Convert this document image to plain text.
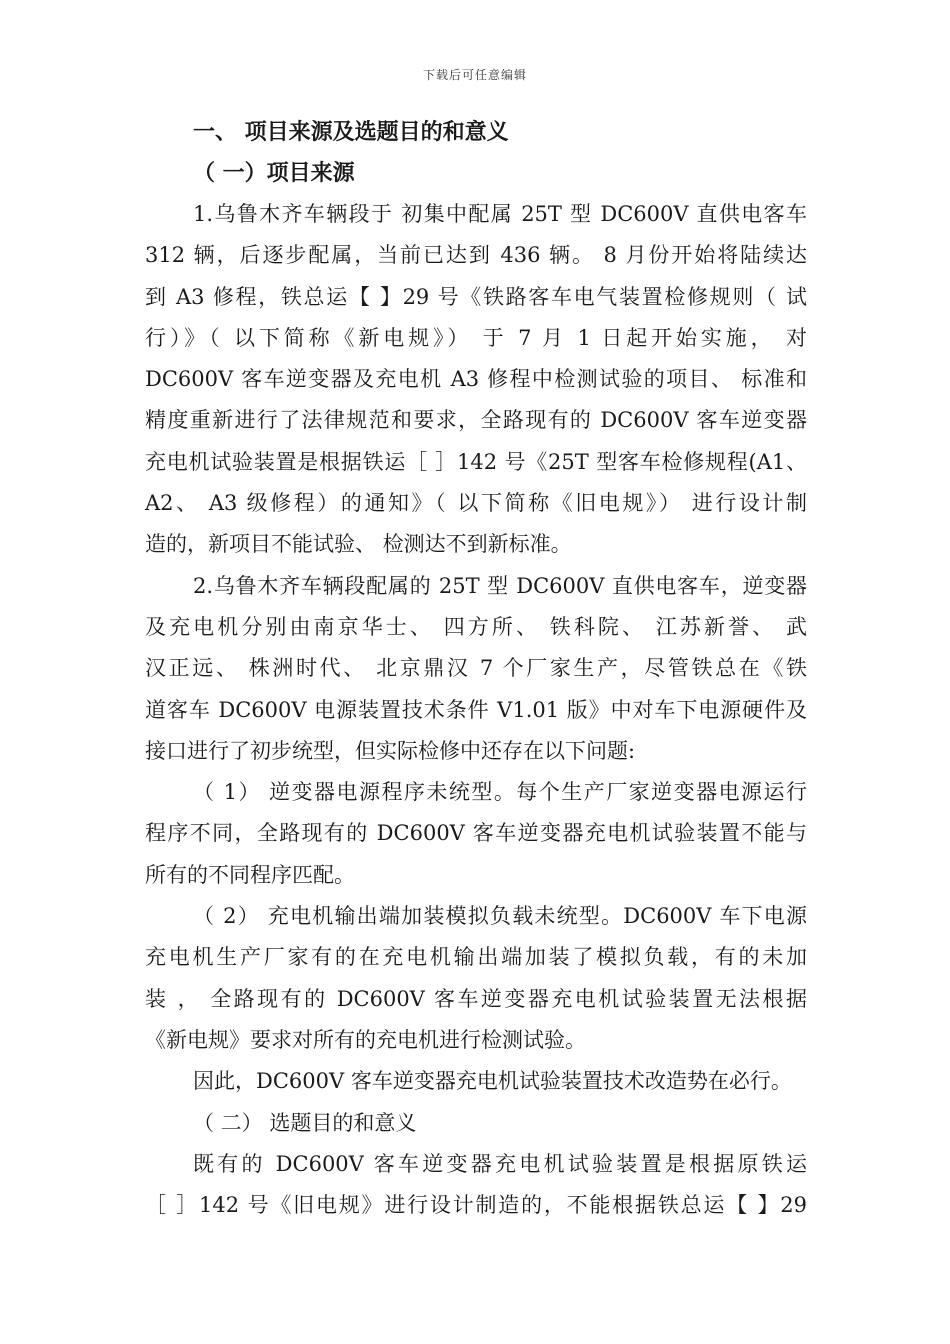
下载后可任意编辑
一、 项目来源及选题目的和意义
（ 一）项目来源
1.乌鲁木齐车辆段于 初集中配属 25T 型 DC600V 直供电客车
312 辆，后逐步配属，当前已达到 436 辆。 8 月份开始将陆续达
到 A3 修程，铁总运【 】29 号《铁路客车电气装置检修规则（ 试
行）》（ 以下简称《新电规》） 于 7 月 1 日起开始实施， 对
DC600V 客车逆变器及充电机 A3 修程中检测试验的项目、 标准和
精度重新进行了法律规范和要求，全路现有的 DC600V 客车逆变器
充电机试验装置是根据铁运［ ］142 号《25T 型客车检修规程(A1、
A2、 A3 级修程）的通知》（ 以下简称《旧电规》） 进行设计制
造的，新项目不能试验、 检测达不到新标准。
2.乌鲁木齐车辆段配属的 25T 型 DC600V 直供电客车，逆变器
及充电机分别由南京华士、 四方所、 铁科院、 江苏新誉、 武
汉正远、 株洲时代、 北京鼎汉 7 个厂家生产，尽管铁总在《铁
道客车 DC600V 电源装置技术条件 V1.01 版》中对车下电源硬件及
接口进行了初步统型，但实际检修中还存在以下问题:
（ 1） 逆变器电源程序未统型。每个生产厂家逆变器电源运行
程序不同，全路现有的 DC600V 客车逆变器充电机试验装置不能与
所有的不同程序匹配。
（ 2） 充电机输出端加装模拟负载未统型。DC600V 车下电源
充电机生产厂家有的在充电机输出端加装了模拟负载，有的未加
装 ， 全路现有的 DC600V 客车逆变器充电机试验装置无法根据
《新电规》要求对所有的充电机进行检测试验。
因此，DC600V 客车逆变器充电机试验装置技术改造势在必行。
（ 二） 选题目的和意义
既有的 DC600V 客车逆变器充电机试验装置是根据原铁运
［ ］142 号《旧电规》进行设计制造的，不能根据铁总运【 】29
